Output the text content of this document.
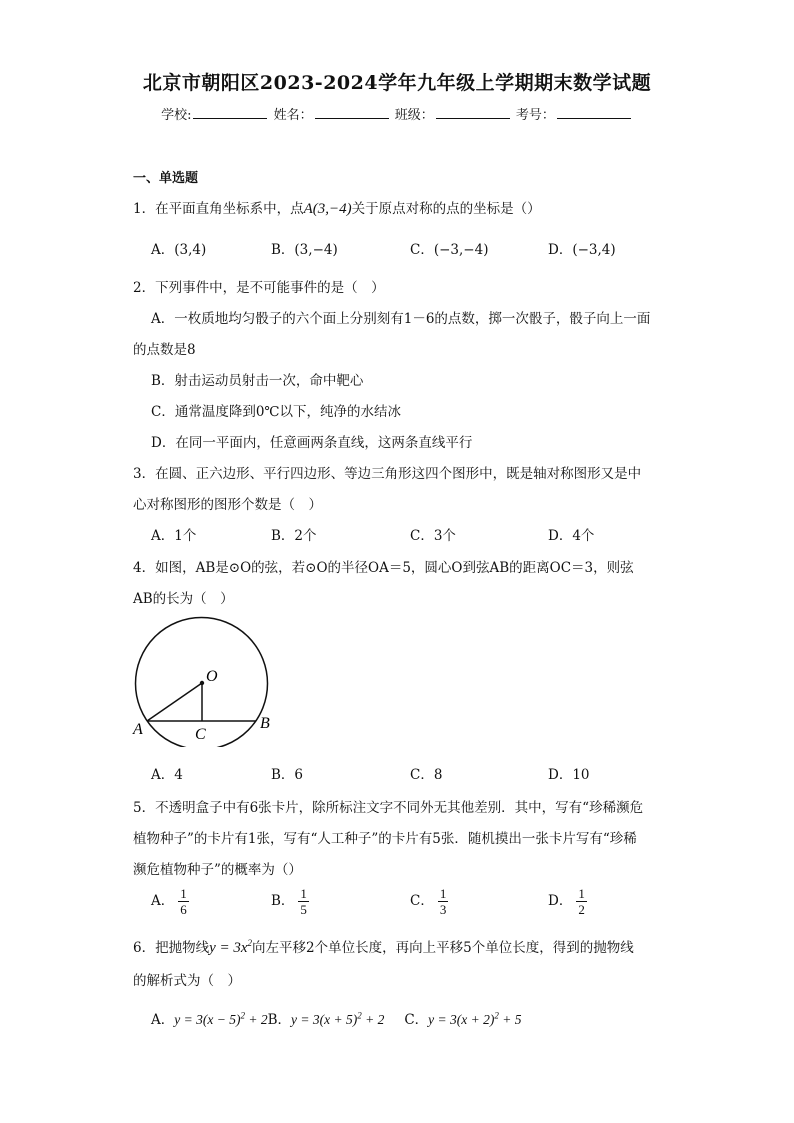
北京市朝阳区2023-2024学年九年级上学期期末数学试题
学校:	姓名：	班级：	考号：
一、单选题
1．在平面直角坐标系中，点A(3,−4)关于原点对称的点的坐标是（）
A．(3,4)	B．(3,−4)	C．(−3,−4)	D．(−3,4)
2．下列事件中，是不可能事件的是（　）
A．一枚质地均匀骰子的六个面上分别刻有1－6的点数，掷一次骰子，骰子向上一面
的点数是8
B．射击运动员射击一次，命中靶心
C．通常温度降到0℃以下，纯净的水结冰
D．在同一平面内，任意画两条直线，这两条直线平行
3．在圆、正六边形、平行四边形、等边三角形这四个图形中，既是轴对称图形又是中
心对称图形的图形个数是（　）
A．1个	B．2个	C．3个	D．4个
4．如图，AB是⊙O的弦，若⊙O的半径OA＝5，圆心O到弦AB的距离OC＝3，则弦
AB的长为（　）
O
A	B
C
A．4	B．6	C．8	D．10
5．不透明盒子中有6张卡片，除所标注文字不同外无其他差别．其中，写有“珍稀濒危
植物种子”的卡片有1张，写有“人工种子”的卡片有5张．随机摸出一张卡片写有“珍稀
濒危植物种子”的概率为（）
A． $\frac{1}{6}$	B． $\frac{1}{5}$	C． $\frac{1}{3}$	D． $\frac{1}{2}$
6．把抛物线$y = 3x^2$向左平移2个单位长度，再向上平移5个单位长度，得到的抛物线
的解析式为（　）
A．$y = 3(x - 5)^2 + 2B$．$y = 3(x + 5)^2 + 2$ C．$y = 3(x + 2)^2 + 5$
